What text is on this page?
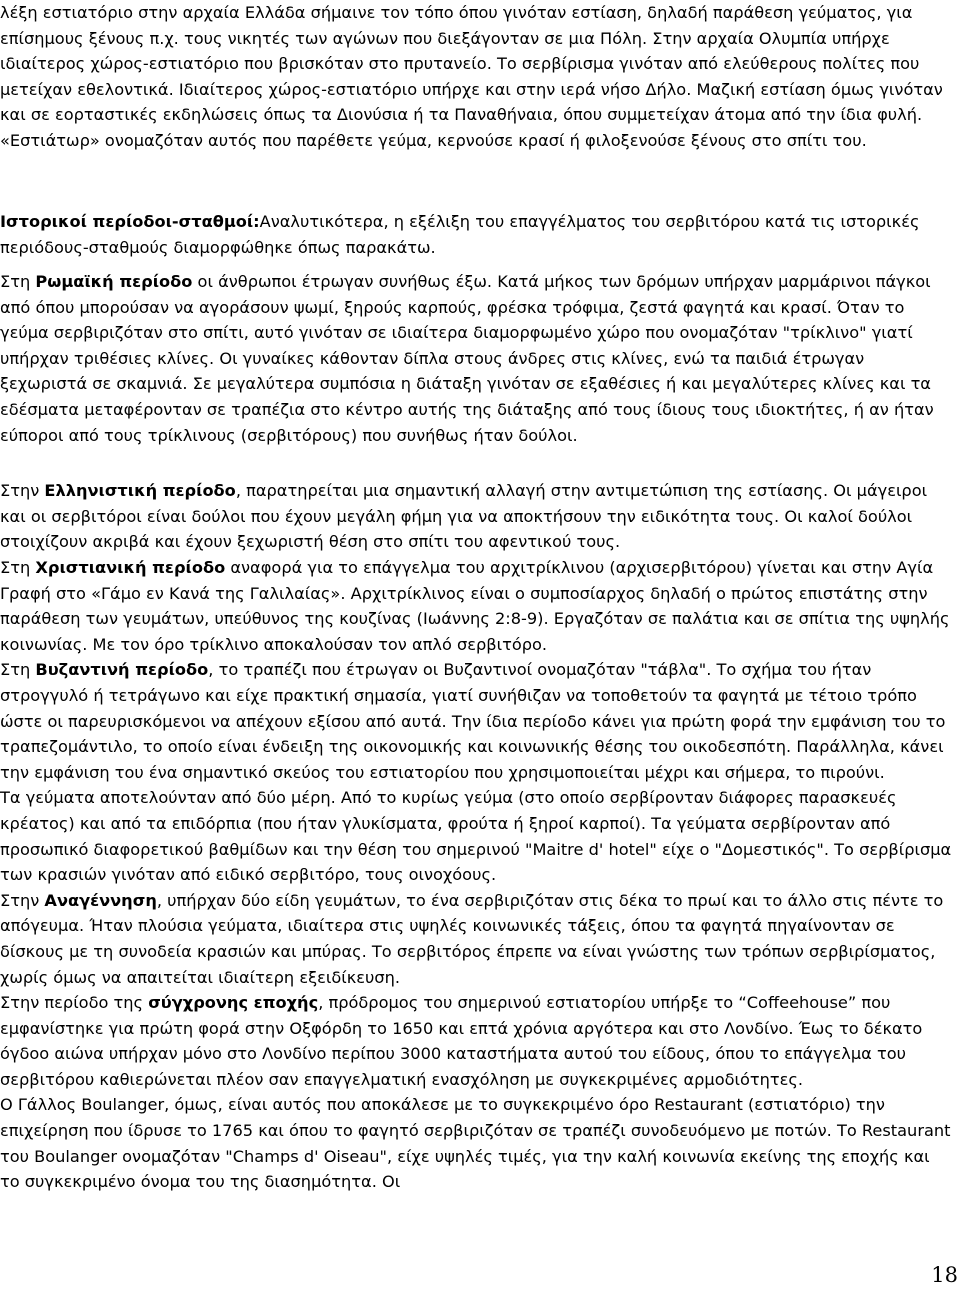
λέξη εστιατόριο στην αρχαία Ελλάδα σήμαινε τον τόπο όπου γινόταν εστίαση, δηλαδή παράθεση γεύματος, για επίσημους ξένους π.χ. τους νικητές των αγώνων που διεξάγονταν σε μια Πόλη. Στην αρχαία Ολυμπία υπήρχε ιδιαίτερος χώρος-εστιατόριο που βρισκόταν στο πρυτανείο. Το σερβίρισμα γινόταν από ελεύθερους πολίτες που μετείχαν εθελοντικά. Ιδιαίτερος χώρος-εστιατόριο υπήρχε και στην ιερά νήσο Δήλο. Μαζική εστίαση όμως γινόταν και σε εορταστικές εκδηλώσεις όπως τα Διονύσια ή τα Παναθήναια, όπου συμμετείχαν άτομα από την ίδια φυλή. «Εστιάτωρ» ονομαζόταν αυτός που παρέθετε γεύμα, κερνούσε κρασί ή φιλοξενούσε ξένους στο σπίτι του.

Ιστορικοί περίοδοι-σταθμοί:Αναλυτικότερα, η εξέλιξη του επαγγέλματος του σερβιτόρου κατά τις ιστορικές περιόδους-σταθμούς διαμορφώθηκε όπως παρακάτω.

Στη Ρωμαϊκή περίοδο οι άνθρωποι έτρωγαν συνήθως έξω. Κατά μήκος των δρόμων υπήρχαν μαρμάρινοι πάγκοι από όπου μπορούσαν να αγοράσουν ψωμί, ξηρούς καρπούς, φρέσκα τρόφιμα, ζεστά φαγητά και κρασί. Όταν το γεύμα σερβιριζόταν στο σπίτι, αυτό γινόταν σε ιδιαίτερα διαμορφωμένο χώρο που ονομαζόταν "τρίκλινο" γιατί υπήρχαν τριθέσιες κλίνες. Οι γυναίκες κάθονταν δίπλα στους άνδρες στις κλίνες, ενώ τα παιδιά έτρωγαν ξεχωριστά σε σκαμνιά. Σε μεγαλύτερα συμπόσια η διάταξη γινόταν σε εξαθέσιες ή και μεγαλύτερες κλίνες και τα εδέσματα μεταφέρονταν σε τραπέζια στο κέντρο αυτής της διάταξης από τους ίδιους τους ιδιοκτήτες, ή αν ήταν εύποροι από τους τρίκλινους (σερβιτόρους) που συνήθως ήταν δούλοι.

Στην Ελληνιστική περίοδο, παρατηρείται μια σημαντική αλλαγή στην αντιμετώπιση της εστίασης. Οι μάγειροι και οι σερβιτόροι είναι δούλοι που έχουν μεγάλη φήμη για να αποκτήσουν την ειδικότητα τους. Οι καλοί δούλοι στοιχίζουν ακριβά και έχουν ξεχωριστή θέση στο σπίτι του αφεντικού τους.

Στη Χριστιανική περίοδο αναφορά για το επάγγελμα του αρχιτρίκλινου (αρχισερβιτόρου) γίνεται και στην Αγία Γραφή στο «Γάμο εν Κανά της Γαλιλαίας». Αρχιτρίκλινος είναι ο συμποσίαρχος δηλαδή ο πρώτος επιστάτης στην παράθεση των γευμάτων, υπεύθυνος της κουζίνας (Ιωάννης 2:8-9). Εργαζόταν σε παλάτια και σε σπίτια της υψηλής κοινωνίας. Με τον όρο τρίκλινο αποκαλούσαν τον απλό σερβιτόρο.

Στη Βυζαντινή περίοδο, το τραπέζι που έτρωγαν οι Βυζαντινοί ονομαζόταν "τάβλα". Το σχήμα του ήταν στρογγυλό ή τετράγωνο και είχε πρακτική σημασία, γιατί συνήθιζαν να τοποθετούν τα φαγητά με τέτοιο τρόπο ώστε οι παρευρισκόμενοι να απέχουν εξίσου από αυτά. Την ίδια περίοδο κάνει για πρώτη φορά την εμφάνιση του το τραπεζομάντιλο, το οποίο είναι ένδειξη της οικονομικής και κοινωνικής θέσης του οικοδεσπότη. Παράλληλα, κάνει την εμφάνιση του ένα σημαντικό σκεύος του εστιατορίου που χρησιμοποιείται μέχρι και σήμερα, το πιρούνι.

Τα γεύματα αποτελούνταν από δύο μέρη. Από το κυρίως γεύμα (στο οποίο σερβίρονταν διάφορες παρασκευές κρέατος) και από τα επιδόρπια (που ήταν γλυκίσματα, φρούτα ή ξηροί καρποί). Τα γεύματα σερβίρονταν από προσωπικό διαφορετικού βαθμίδων και την θέση του σημερινού "Maitre d' hotel" είχε ο "Δομεστικός". Το σερβίρισμα των κρασιών γινόταν από ειδικό σερβιτόρο, τους οινοχόους.

Στην Αναγέννηση, υπήρχαν δύο είδη γευμάτων, το ένα σερβιριζόταν στις δέκα το πρωί και το άλλο στις πέντε το απόγευμα. Ήταν πλούσια γεύματα, ιδιαίτερα στις υψηλές κοινωνικές τάξεις, όπου τα φαγητά πηγαίνονταν σε δίσκους με τη συνοδεία κρασιών και μπύρας. Το σερβιτόρος έπρεπε να είναι γνώστης των τρόπων σερβιρίσματος, χωρίς όμως να απαιτείται ιδιαίτερη εξειδίκευση.

Στην περίοδο της σύγχρονης εποχής, πρόδρομος του σημερινού εστιατορίου υπήρξε το “Coffeehouse” που εμφανίστηκε για πρώτη φορά στην Οξφόρδη το 1650 και επτά χρόνια αργότερα και στο Λονδίνο. Έως το δέκατο όγδοο αιώνα υπήρχαν μόνο στο Λονδίνο περίπου 3000 καταστήματα αυτού του είδους, όπου το επάγγελμα του σερβιτόρου καθιερώνεται πλέον σαν επαγγελματική ενασχόληση με συγκεκριμένες αρμοδιότητες.

Ο Γάλλος Boulanger, όμως, είναι αυτός που αποκάλεσε με το συγκεκριμένο όρο Restaurant (εστιατόριο) την επιχείρηση που ίδρυσε το 1765 και όπου το φαγητό σερβιριζόταν σε τραπέζι συνοδευόμενο με ποτών. Το Restaurant του Boulanger ονομαζόταν "Champs d' Oiseau", είχε υψηλές τιμές, για την καλή κοινωνία εκείνης της εποχής και το συγκεκριμένο όνομα του της διασημότητα. Οι

18
